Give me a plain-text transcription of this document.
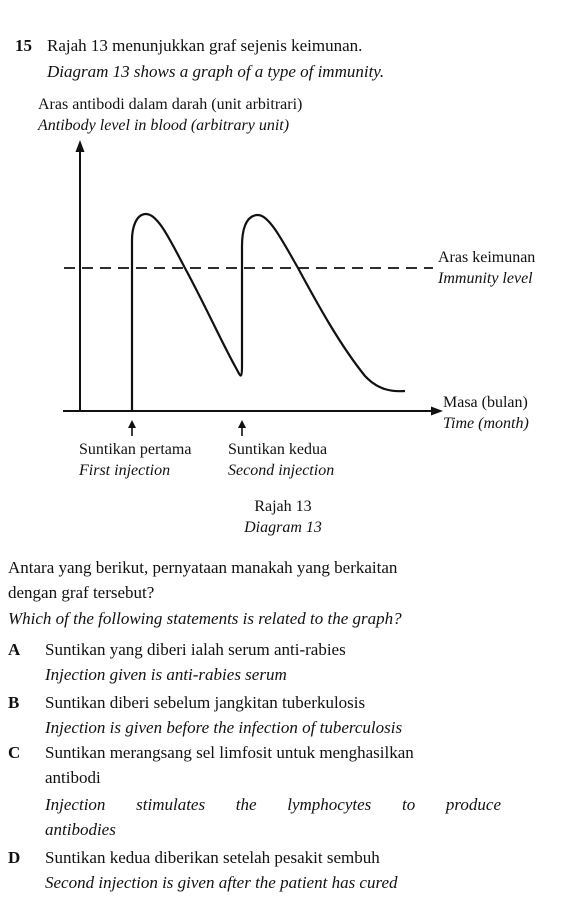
15 Rajah 13 menunjukkan graf sejenis keimunan.
Diagram 13 shows a graph of a type of immunity.
Aras antibodi dalam darah (unit arbitrari)
Antibody level in blood (arbitrary unit)
Aras keimunan
Immunity level
Masa (bulan)
Time (month)
Suntikan pertama
First injection
Suntikan kedua
Second injection
Rajah 13
Diagram 13
Antara yang berikut, pernyataan manakah yang berkaitan
dengan graf tersebut?
Which of the following statements is related to the graph?
A Suntikan yang diberi ialah serum anti-rabies
Injection given is anti-rabies serum
B Suntikan diberi sebelum jangkitan tuberkulosis
Injection is given before the infection of tuberculosis
C Suntikan merangsang sel limfosit untuk menghasilkan
antibodi
Injection stimulates the lymphocytes to produce
antibodies
D Suntikan kedua diberikan setelah pesakit sembuh
Second injection is given after the patient has cured
